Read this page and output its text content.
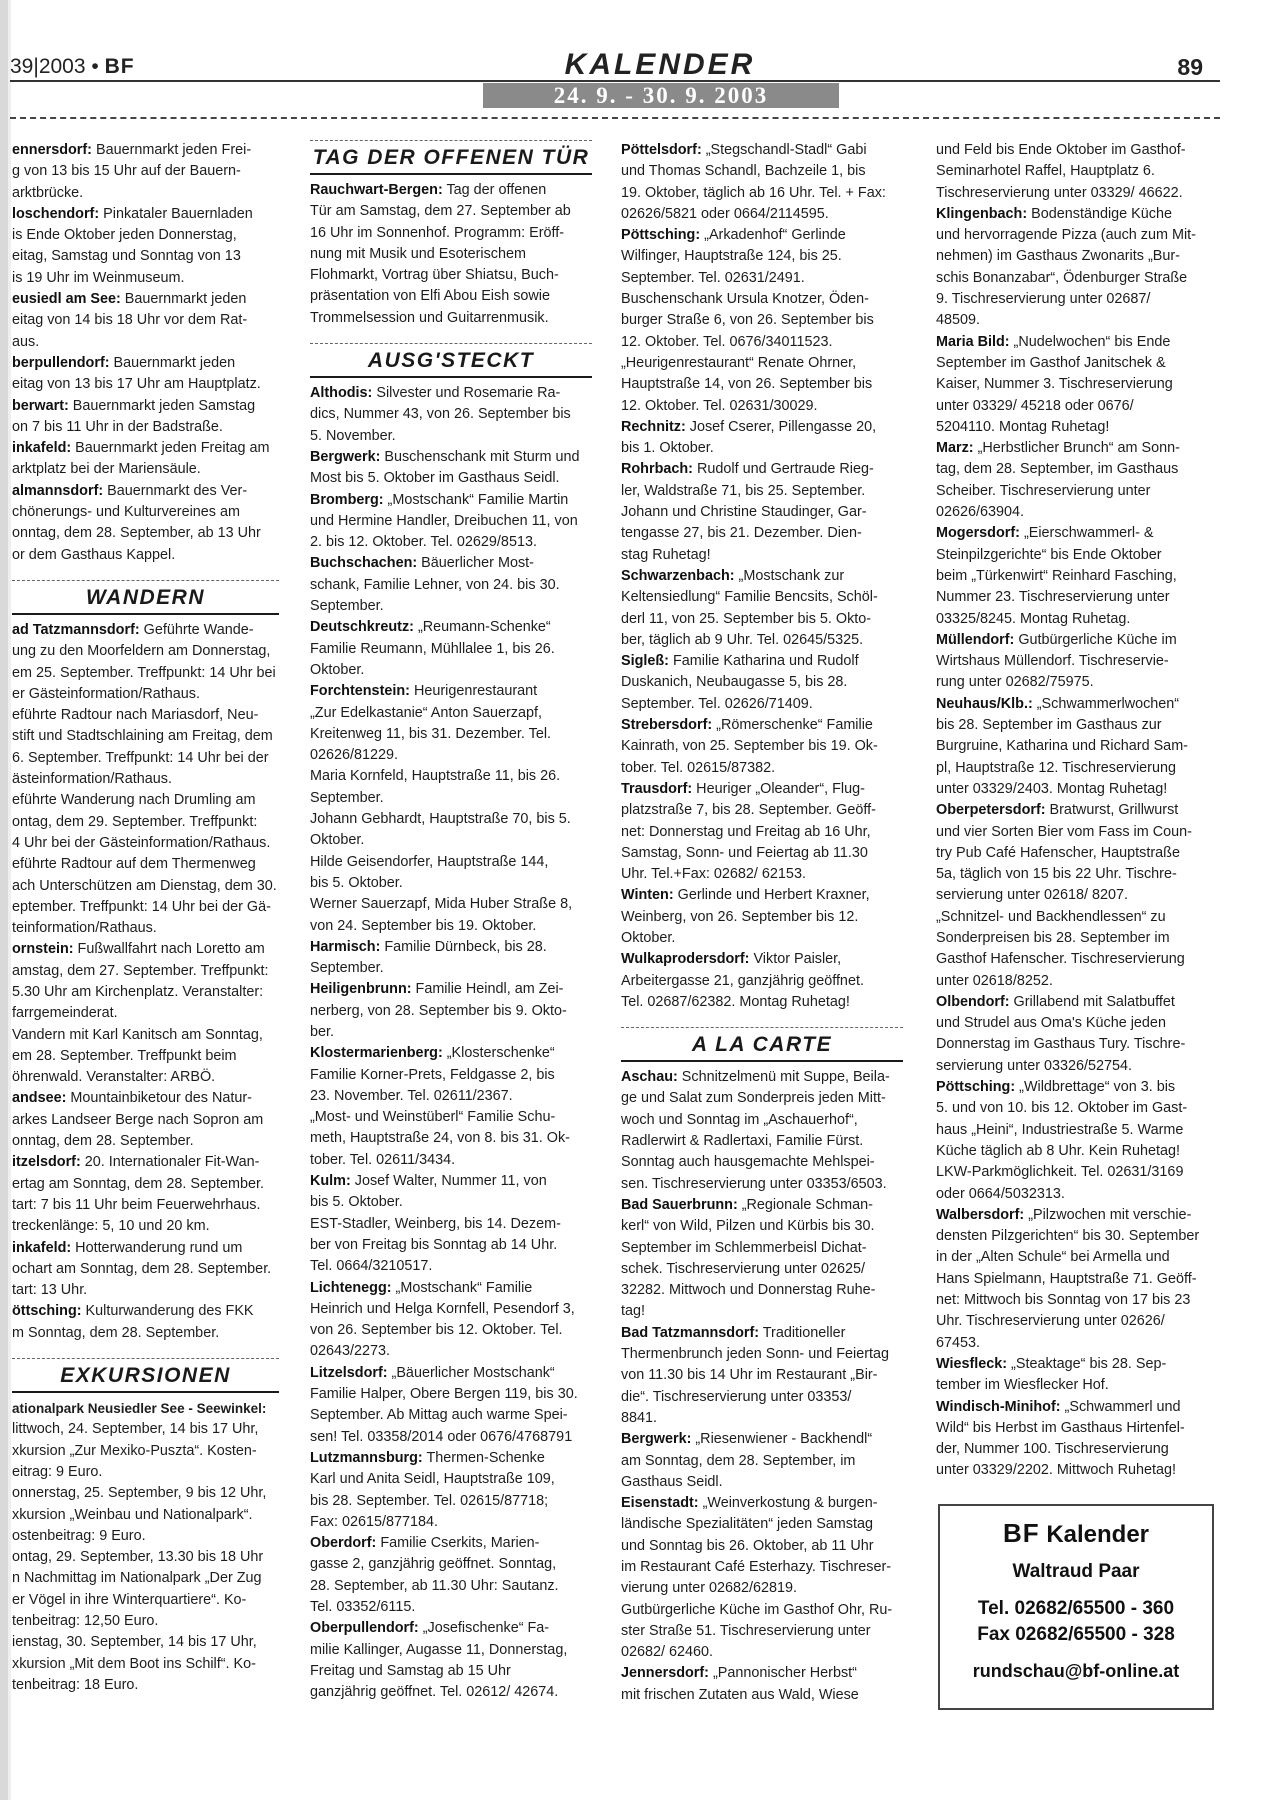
39|2003 • BF	KALENDER	89
24. 9. - 30. 9. 2003

ennersdorf: Bauernmarkt jeden Frei-
g von 13 bis 15 Uhr auf der Bauern-
arktbrücke.

loschendorf: Pinkataler Bauernladen
is Ende Oktober jeden Donnerstag,
eitag, Samstag und Sonntag von 13
is 19 Uhr im Weinmuseum.

eusiedl am See: Bauernmarkt jeden
eitag von 14 bis 18 Uhr vor dem Rat-
aus.

berpullendorf: Bauernmarkt jeden
eitag von 13 bis 17 Uhr am Hauptplatz.

berwart: Bauernmarkt jeden Samstag
on 7 bis 11 Uhr in der Badstraße.

inkafeld: Bauernmarkt jeden Freitag am
arktplatz bei der Mariensäule.

almannsdorf: Bauernmarkt des Ver-
chönerungs- und Kulturvereines am
onntag, dem 28. September, ab 13 Uhr
or dem Gasthaus Kappel.

WANDERN

ad Tatzmannsdorf: Geführte Wande-
ung zu den Moorfeldern am Donnerstag,
em 25. September. Treffpunkt: 14 Uhr bei
er Gästeinformation/Rathaus.
eführte Radtour nach Mariasdorf, Neu-
stift und Stadtschlaining am Freitag, dem
6. September. Treffpunkt: 14 Uhr bei der
ästeinformation/Rathaus.
eführte Wanderung nach Drumling am
ontag, dem 29. September. Treffpunkt:
4 Uhr bei der Gästeinformation/Rathaus.
eführte Radtour auf dem Thermenweg
ach Unterschützen am Dienstag, dem 30.
eptember. Treffpunkt: 14 Uhr bei der Gä-
teinformation/Rathaus.

ornstein: Fußwallfahrt nach Loretto am
amstag, dem 27. September. Treffpunkt:
5.30 Uhr am Kirchenplatz. Veranstalter:
farrgemeinderat.
Vandern mit Karl Kanitsch am Sonntag,
em 28. September. Treffpunkt beim
öhrenwald. Veranstalter: ARBÖ.

andsee: Mountainbiketour des Natur-
arkes Landseer Berge nach Sopron am
onntag, dem 28. September.

itzelsdorf: 20. Internationaler Fit-Wan-
ertag am Sonntag, dem 28. September.
tart: 7 bis 11 Uhr beim Feuerwehrhaus.
treckenlänge: 5, 10 und 20 km.

inkafeld: Hotterwanderung rund um
ochart am Sonntag, dem 28. September.
tart: 13 Uhr.

öttsching: Kulturwanderung des FKK
m Sonntag, dem 28. September.

EXKURSIONEN

ationalpark Neusiedler See - Seewinkel:

littwoch, 24. September, 14 bis 17 Uhr,
xkursion „Zur Mexiko-Puszta“. Kosten-
eitrag: 9 Euro.
onnerstag, 25. September, 9 bis 12 Uhr,
xkursion „Weinbau und Nationalpark“.
ostenbeitrag: 9 Euro.
ontag, 29. September, 13.30 bis 18 Uhr
n Nachmittag im Nationalpark „Der Zug
er Vögel in ihre Winterquartiere“. Ko-
tenbeitrag: 12,50 Euro.
ienstag, 30. September, 14 bis 17 Uhr,
xkursion „Mit dem Boot ins Schilf“. Ko-
tenbeitrag: 18 Euro.

TAG DER OFFENEN TÜR

Rauchwart-Bergen: Tag der offenen
Tür am Samstag, dem 27. September ab
16 Uhr im Sonnenhof. Programm: Eröff-
nung mit Musik und Esoterischem
Flohmarkt, Vortrag über Shiatsu, Buch-
präsentation von Elfi Abou Eish sowie
Trommelsession und Guitarrenmusik.

AUSG'STECKT

Althodis: Silvester und Rosemarie Ra-
dics, Nummer 43, von 26. September bis
5. November.

Bergwerk: Buschenschank mit Sturm und
Most bis 5. Oktober im Gasthaus Seidl.

Bromberg: „Mostschank“ Familie Martin
und Hermine Handler, Dreibuchen 11, von
2. bis 12. Oktober. Tel. 02629/8513.

Buchschachen: Bäuerlicher Most-
schank, Familie Lehner, von 24. bis 30.
September.

Deutschkreutz: „Reumann-Schenke“
Familie Reumann, Mühllalee 1, bis 26.
Oktober.

Forchtenstein: Heurigenrestaurant
„Zur Edelkastanie“ Anton Sauerzapf,
Kreitenweg 11, bis 31. Dezember. Tel.
02626/81229.
Maria Kornfeld, Hauptstraße 11, bis 26.
September.
Johann Gebhardt, Hauptstraße 70, bis 5.
Oktober.
Hilde Geisendorfer, Hauptstraße 144,
bis 5. Oktober.
Werner Sauerzapf, Mida Huber Straße 8,
von 24. September bis 19. Oktober.

Harmisch: Familie Dürnbeck, bis 28.
September.

Heiligenbrunn: Familie Heindl, am Zei-
nerberg, von 28. September bis 9. Okto-
ber.

Klostermarienberg: „Klosterschenke“
Familie Korner-Prets, Feldgasse 2, bis
23. November. Tel. 02611/2367.
„Most- und Weinstüberl“ Familie Schu-
meth, Hauptstraße 24, von 8. bis 31. Ok-
tober. Tel. 02611/3434.

Kulm: Josef Walter, Nummer 11, von
bis 5. Oktober.
EST-Stadler, Weinberg, bis 14. Dezem-
ber von Freitag bis Sonntag ab 14 Uhr.
Tel. 0664/3210517.

Lichtenegg: „Mostschank“ Familie
Heinrich und Helga Kornfell, Pesendorf 3,
von 26. September bis 12. Oktober. Tel.
02643/2273.

Litzelsdorf: „Bäuerlicher Mostschank“
Familie Halper, Obere Bergen 119, bis 30.
September. Ab Mittag auch warme Spei-
sen! Tel. 03358/2014 oder 0676/4768791

Lutzmannsburg: Thermen-Schenke
Karl und Anita Seidl, Hauptstraße 109,
bis 28. September. Tel. 02615/87718;
Fax: 02615/877184.

Oberdorf: Familie Cserkits, Marien-
gasse 2, ganzjährig geöffnet. Sonntag,
28. September, ab 11.30 Uhr: Sautanz.
Tel. 03352/6115.

Oberpullendorf: „Josefischenke“ Fa-
milie Kallinger, Augasse 11, Donnerstag,
Freitag und Samstag ab 15 Uhr
ganzjährig geöffnet. Tel. 02612/ 42674.

Pöttelsdorf: „Stegschandl-Stadl“ Gabi
und Thomas Schandl, Bachzeile 1, bis
19. Oktober, täglich ab 16 Uhr. Tel. + Fax:
02626/5821 oder 0664/2114595.

Pöttsching: „Arkadenhof“ Gerlinde
Wilfinger, Hauptstraße 124, bis 25.
September. Tel. 02631/2491.
Buschenschank Ursula Knotzer, Öden-
burger Straße 6, von 26. September bis
12. Oktober. Tel. 0676/34011523.
„Heurigenrestaurant“ Renate Ohrner,
Hauptstraße 14, von 26. September bis
12. Oktober. Tel. 02631/30029.

Rechnitz: Josef Cserer, Pillengasse 20,
bis 1. Oktober.

Rohrbach: Rudolf und Gertraude Rieg-
ler, Waldstraße 71, bis 25. September.
Johann und Christine Staudinger, Gar-
tengasse 27, bis 21. Dezember. Dien-
stag Ruhetag!

Schwarzenbach: „Mostschank zur
Keltensiedlung“ Familie Bencsits, Schöl-
derl 11, von 25. September bis 5. Okto-
ber, täglich ab 9 Uhr. Tel. 02645/5325.

Sigleß: Familie Katharina und Rudolf
Duskanich, Neubaugasse 5, bis 28.
September. Tel. 02626/71409.

Strebersdorf: „Römerschenke“ Familie
Kainrath, von 25. September bis 19. Ok-
tober. Tel. 02615/87382.

Trausdorf: Heuriger „Oleander“, Flug-
platzstraße 7, bis 28. September. Geöff-
net: Donnerstag und Freitag ab 16 Uhr,
Samstag, Sonn- und Feiertag ab 11.30
Uhr. Tel.+Fax: 02682/ 62153.

Winten: Gerlinde und Herbert Kraxner,
Weinberg, von 26. September bis 12.
Oktober.

Wulkaprodersdorf: Viktor Paisler,
Arbeitergasse 21, ganzjährig geöffnet.
Tel. 02687/62382. Montag Ruhetag!

A LA CARTE

Aschau: Schnitzelmenü mit Suppe, Beila-
ge und Salat zum Sonderpreis jeden Mitt-
woch und Sonntag im „Aschauerhof“,
Radlerwirt & Radlertaxi, Familie Fürst.
Sonntag auch hausgemachte Mehlspei-
sen. Tischreservierung unter 03353/6503.

Bad Sauerbrunn: „Regionale Schman-
kerl“ von Wild, Pilzen und Kürbis bis 30.
September im Schlemmerbeisl Dichat-
schek. Tischreservierung unter 02625/
32282. Mittwoch und Donnerstag Ruhe-
tag!

Bad Tatzmannsdorf: Traditioneller
Thermenbrunch jeden Sonn- und Feiertag
von 11.30 bis 14 Uhr im Restaurant „Bir-
die“. Tischreservierung unter 03353/
8841.

Bergwerk: „Riesenwiener - Backhendl“
am Sonntag, dem 28. September, im
Gasthaus Seidl.

Eisenstadt: „Weinverkostung & burgen-
ländische Spezialitäten“ jeden Samstag
und Sonntag bis 26. Oktober, ab 11 Uhr
im Restaurant Café Esterhazy. Tischreser-
vierung unter 02682/62819.
Gutbürgerliche Küche im Gasthof Ohr, Ru-
ster Straße 51. Tischreservierung unter
02682/ 62460.

Jennersdorf: „Pannonischer Herbst“
mit frischen Zutaten aus Wald, Wiese

und Feld bis Ende Oktober im Gasthof-
Seminarhotel Raffel, Hauptplatz 6.
Tischreservierung unter 03329/ 46622.

Klingenbach: Bodenständige Küche
und hervorragende Pizza (auch zum Mit-
nehmen) im Gasthaus Zwonarits „Bur-
schis Bonanzabar“, Ödenburger Straße
9. Tischreservierung unter 02687/
48509.

Maria Bild: „Nudelwochen“ bis Ende
September im Gasthof Janitschek &
Kaiser, Nummer 3. Tischreservierung
unter 03329/ 45218 oder 0676/
5204110. Montag Ruhetag!

Marz: „Herbstlicher Brunch“ am Sonn-
tag, dem 28. September, im Gasthaus
Scheiber. Tischreservierung unter
02626/63904.

Mogersdorf: „Eierschwammerl- &
Steinpilzgerichte“ bis Ende Oktober
beim „Türkenwirt“ Reinhard Fasching,
Nummer 23. Tischreservierung unter
03325/8245. Montag Ruhetag.

Müllendorf: Gutbürgerliche Küche im
Wirtshaus Müllendorf. Tischreservie-
rung unter 02682/75975.

Neuhaus/Klb.: „Schwammerlwochen“
bis 28. September im Gasthaus zur
Burgruine, Katharina und Richard Sam-
pl, Hauptstraße 12. Tischreservierung
unter 03329/2403. Montag Ruhetag!

Oberpetersdorf: Bratwurst, Grillwurst
und vier Sorten Bier vom Fass im Coun-
try Pub Café Hafenscher, Hauptstraße
5a, täglich von 15 bis 22 Uhr. Tischre-
servierung unter 02618/ 8207.
„Schnitzel- und Backhendlessen“ zu
Sonderpreisen bis 28. September im
Gasthof Hafenscher. Tischreservierung
unter 02618/8252.

Olbendorf: Grillabend mit Salatbuffet
und Strudel aus Oma's Küche jeden
Donnerstag im Gasthaus Tury. Tischre-
servierung unter 03326/52754.

Pöttsching: „Wildbrettage“ von 3. bis
5. und von 10. bis 12. Oktober im Gast-
haus „Heini“, Industriestraße 5. Warme
Küche täglich ab 8 Uhr. Kein Ruhetag!
LKW-Parkmöglichkeit. Tel. 02631/3169
oder 0664/5032313.

Walbersdorf: „Pilzwochen mit verschie-
densten Pilzgerichten“ bis 30. September
in der „Alten Schule“ bei Armella und
Hans Spielmann, Hauptstraße 71. Geöff-
net: Mittwoch bis Sonntag von 17 bis 23
Uhr. Tischreservierung unter 02626/
67453.

Wiesfleck: „Steaktage“ bis 28. Sep-
tember im Wiesflecker Hof.

Windisch-Minihof: „Schwammerl und
Wild“ bis Herbst im Gasthaus Hirtenfel-
der, Nummer 100. Tischreservierung
unter 03329/2202. Mittwoch Ruhetag!

BF Kalender
Waltraud Paar
Tel. 02682/65500 - 360
Fax 02682/65500 - 328
rundschau@bf-online.at
